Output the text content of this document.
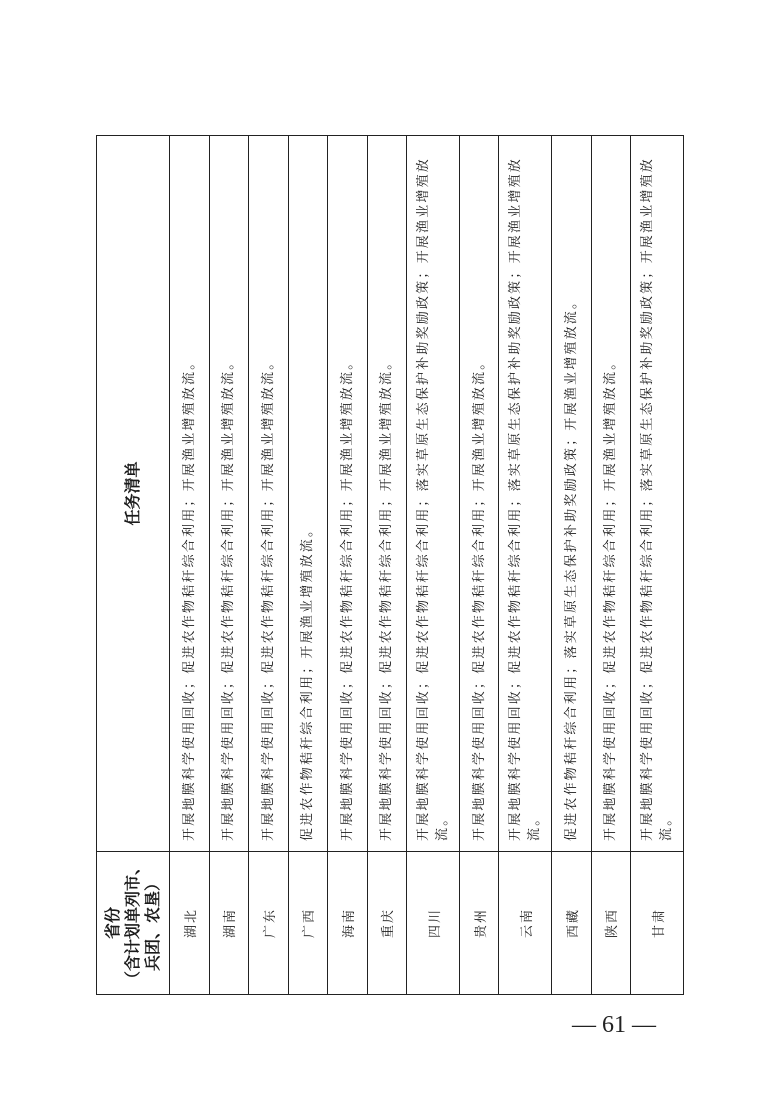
省份
（含计划单列市、
兵团、农垦）	任务清单
湖北	开展地膜科学使用回收；促进农作物秸秆综合利用；开展渔业增殖放流。
湖南	开展地膜科学使用回收；促进农作物秸秆综合利用；开展渔业增殖放流。
广东	开展地膜科学使用回收；促进农作物秸秆综合利用；开展渔业增殖放流。
广西	促进农作物秸秆综合利用；开展渔业增殖放流。
海南	开展地膜科学使用回收；促进农作物秸秆综合利用；开展渔业增殖放流。
重庆	开展地膜科学使用回收；促进农作物秸秆综合利用；开展渔业增殖放流。
四川	开展地膜科学使用回收；促进农作物秸秆综合利用；落实草原生态保护补助奖励政策；开展渔业增殖放流。
贵州	开展地膜科学使用回收；促进农作物秸秆综合利用；开展渔业增殖放流。
云南	开展地膜科学使用回收；促进农作物秸秆综合利用；落实草原生态保护补助奖励政策；开展渔业增殖放流。
西藏	促进农作物秸秆综合利用；落实草原生态保护补助奖励政策；开展渔业增殖放流。
陕西	开展地膜科学使用回收；促进农作物秸秆综合利用；开展渔业增殖放流。
甘肃	开展地膜科学使用回收；促进农作物秸秆综合利用；落实草原生态保护补助奖励政策；开展渔业增殖放流。
— 61 —
